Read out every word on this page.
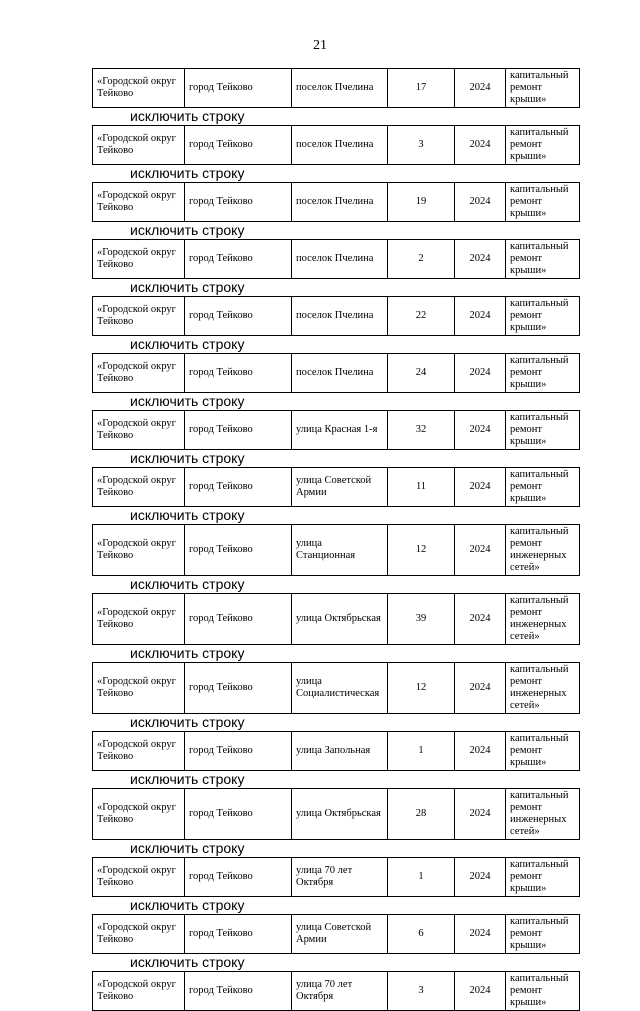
21
«Городской округ Тейково	город Тейково	поселок Пчелина	17	2024	капитальный ремонт крыши»
исключить строку
«Городской округ Тейково	город Тейково	поселок Пчелина	3	2024	капитальный ремонт крыши»
исключить строку
«Городской округ Тейково	город Тейково	поселок Пчелина	19	2024	капитальный ремонт крыши»
исключить строку
«Городской округ Тейково	город Тейково	поселок Пчелина	2	2024	капитальный ремонт крыши»
исключить строку
«Городской округ Тейково	город Тейково	поселок Пчелина	22	2024	капитальный ремонт крыши»
исключить строку
«Городской округ Тейково	город Тейково	поселок Пчелина	24	2024	капитальный ремонт крыши»
исключить строку
«Городской округ Тейково	город Тейково	улица Красная 1-я	32	2024	капитальный ремонт крыши»
исключить строку
«Городской округ Тейково	город Тейково	улица Советской Армии	11	2024	капитальный ремонт крыши»
исключить строку
«Городской округ Тейково	город Тейково	улица Станционная	12	2024	капитальный ремонт инженерных сетей»
исключить строку
«Городской округ Тейково	город Тейково	улица Октябрьская	39	2024	капитальный ремонт инженерных сетей»
исключить строку
«Городской округ Тейково	город Тейково	улица Социалистическая	12	2024	капитальный ремонт инженерных сетей»
исключить строку
«Городской округ Тейково	город Тейково	улица Запольная	1	2024	капитальный ремонт крыши»
исключить строку
«Городской округ Тейково	город Тейково	улица Октябрьская	28	2024	капитальный ремонт инженерных сетей»
исключить строку
«Городской округ Тейково	город Тейково	улица 70 лет Октября	1	2024	капитальный ремонт крыши»
исключить строку
«Городской округ Тейково	город Тейково	улица Советской Армии	6	2024	капитальный ремонт крыши»
исключить строку
«Городской округ Тейково	город Тейково	улица 70 лет Октября	3	2024	капитальный ремонт крыши»
